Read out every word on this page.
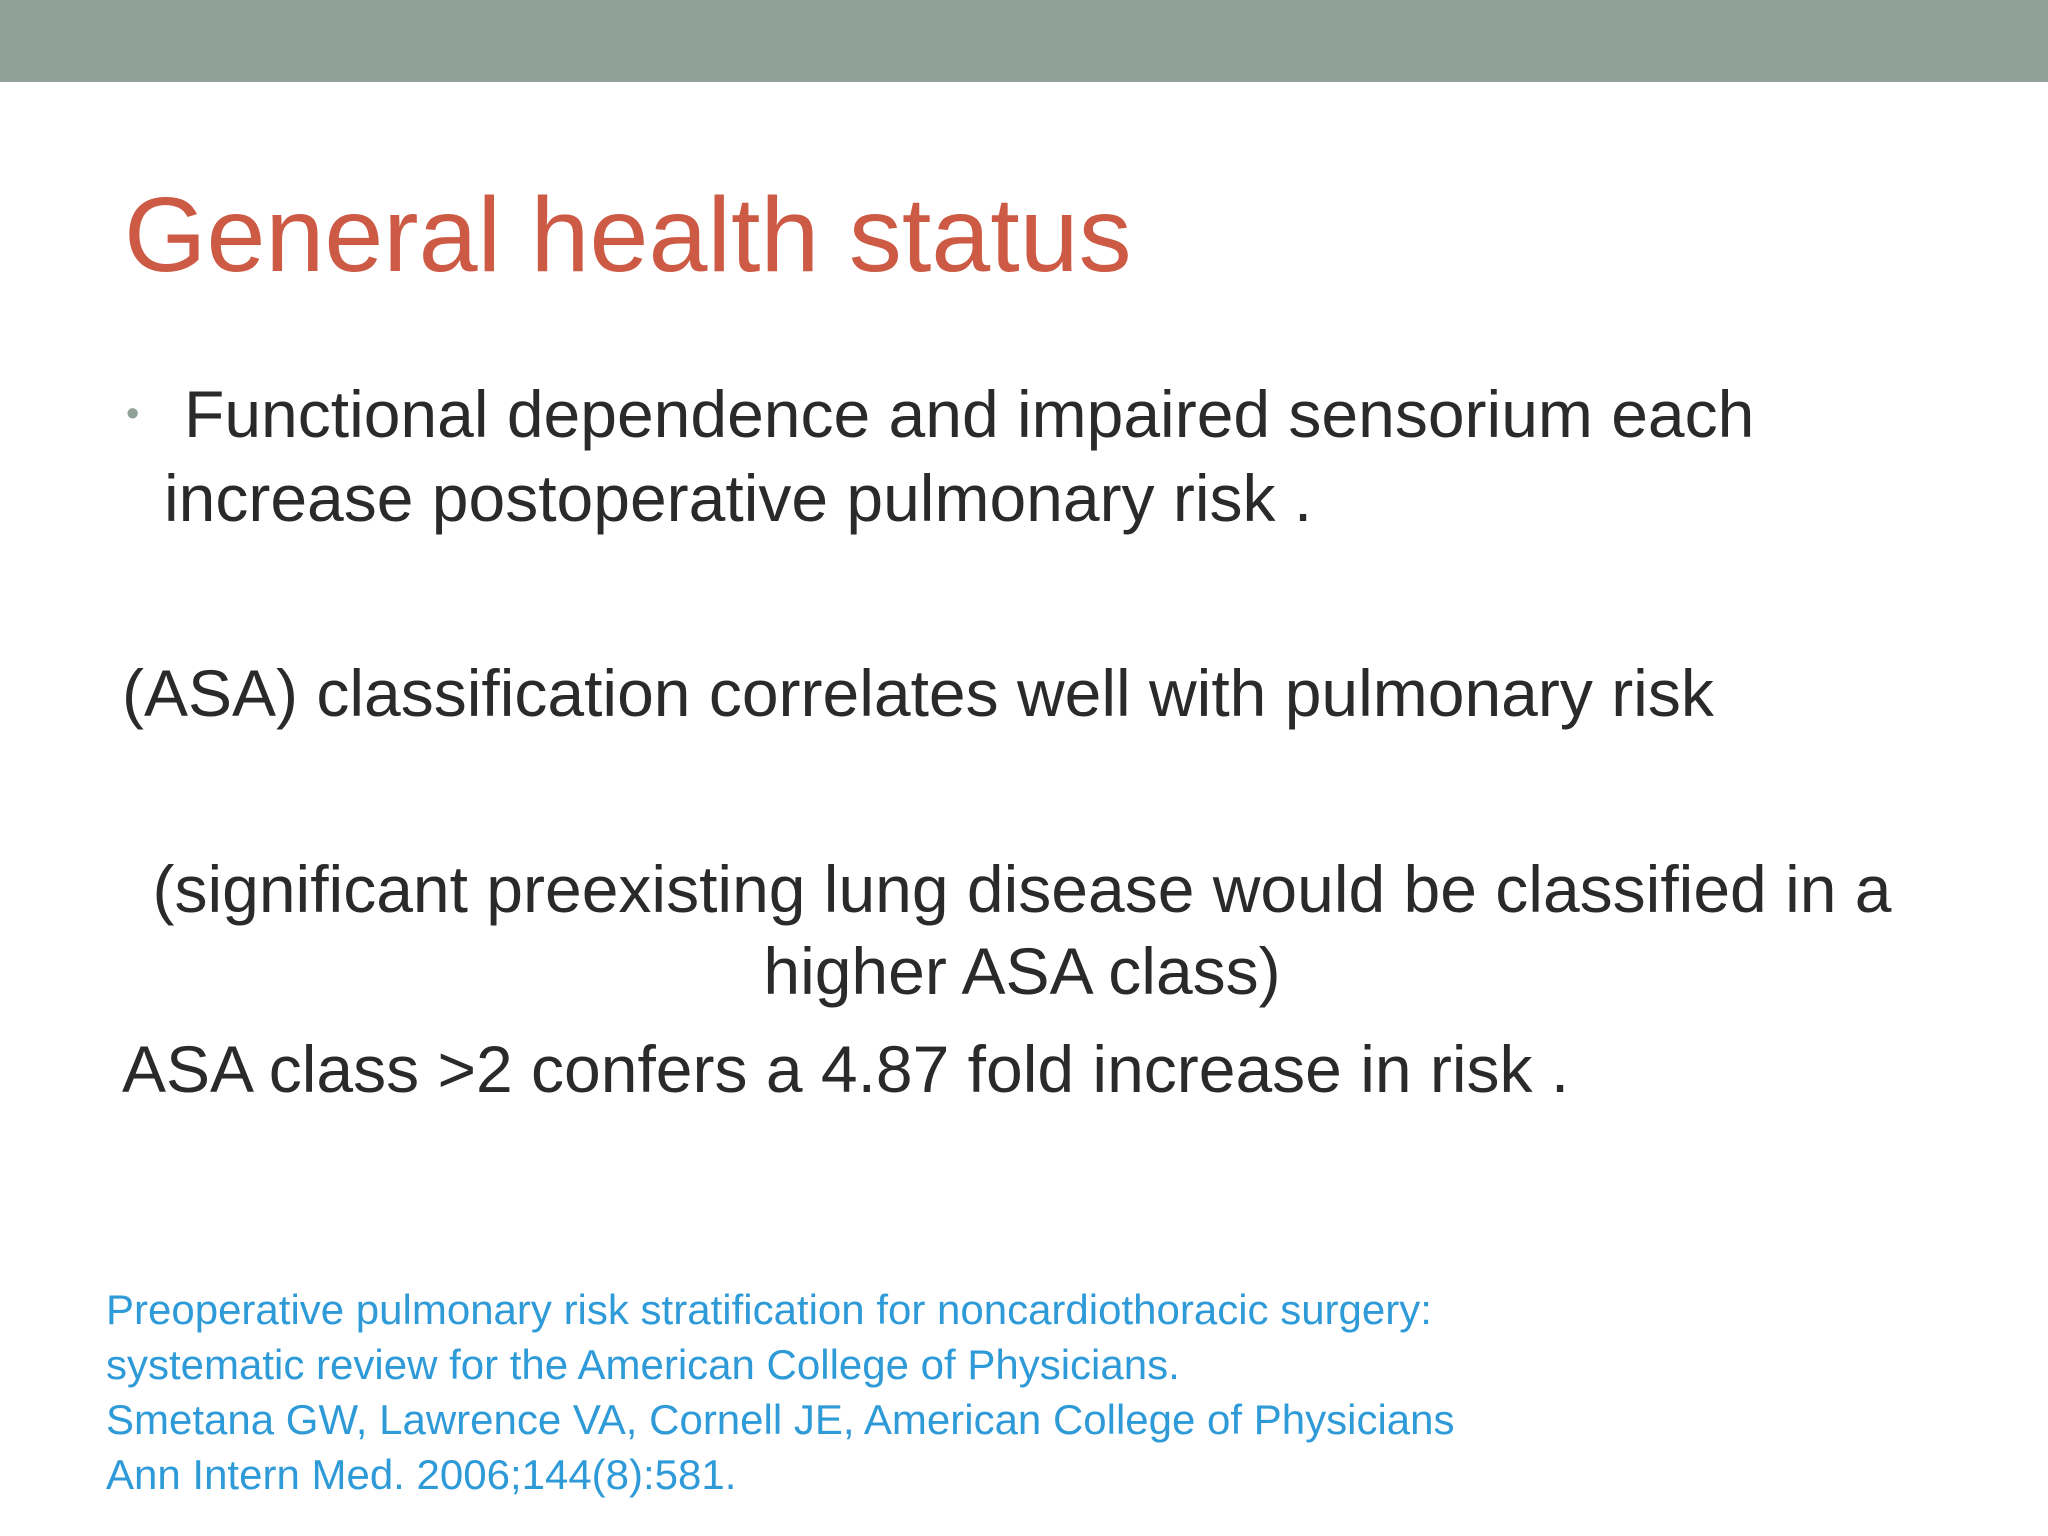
General health status
• Functional dependence and impaired sensorium each
increase postoperative pulmonary risk .
(ASA) classification correlates well with pulmonary risk
(significant preexisting lung disease would be classified in a
higher ASA class)
ASA class >2 confers a 4.87 fold increase in risk .
Preoperative pulmonary risk stratification for noncardiothoracic surgery:
systematic review for the American College of Physicians.
Smetana GW, Lawrence VA, Cornell JE, American College of Physicians
Ann Intern Med. 2006;144(8):581.
